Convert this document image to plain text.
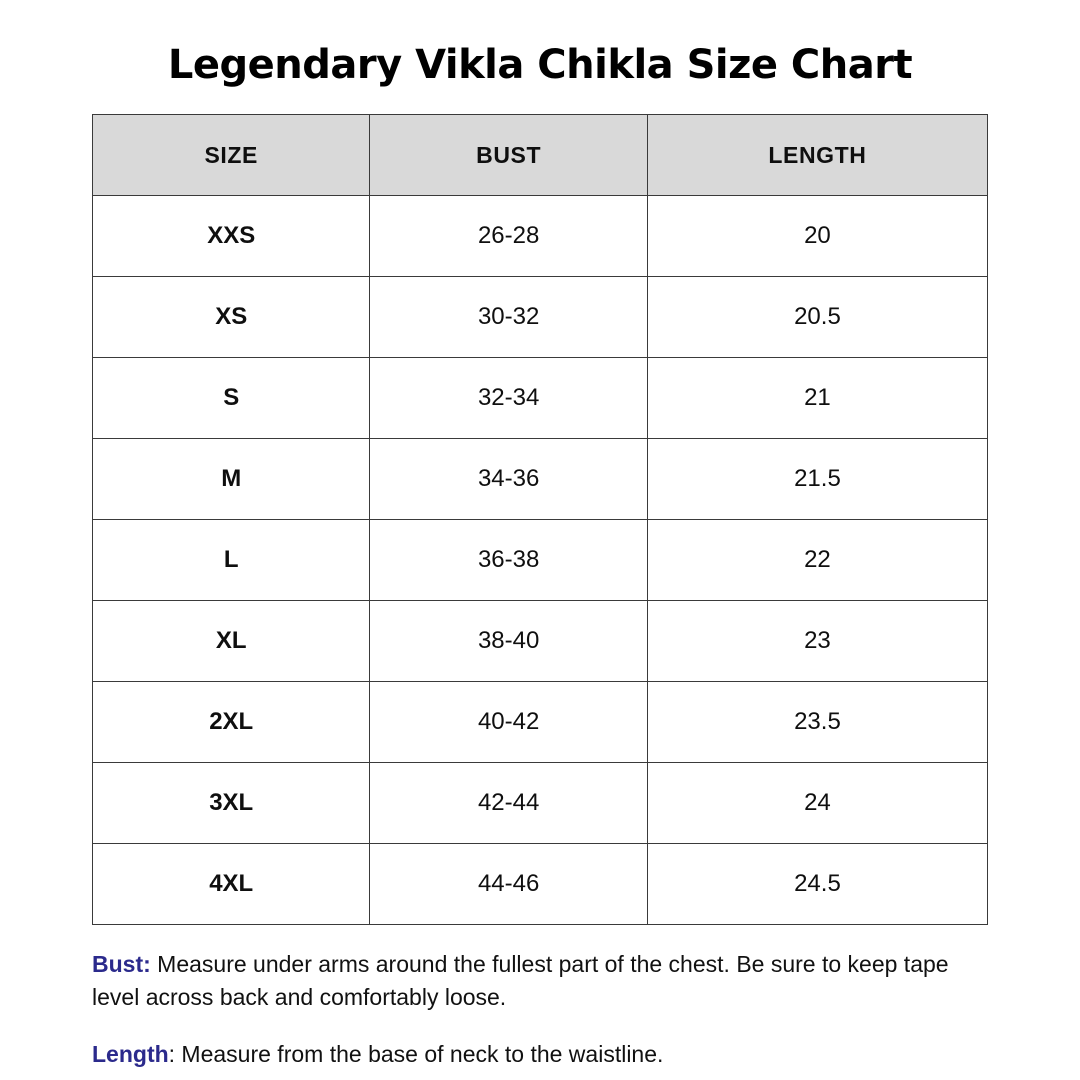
Legendary Vikla Chikla Size Chart
SIZE	BUST	LENGTH
XXS	26-28	20
XS	30-32	20.5
S	32-34	21
M	34-36	21.5
L	36-38	22
XL	38-40	23
2XL	40-42	23.5
3XL	42-44	24
4XL	44-46	24.5

Bust: Measure under arms around the fullest part of the chest. Be sure to keep tape level across back and comfortably loose.

Length: Measure from the base of neck to the waistline.
